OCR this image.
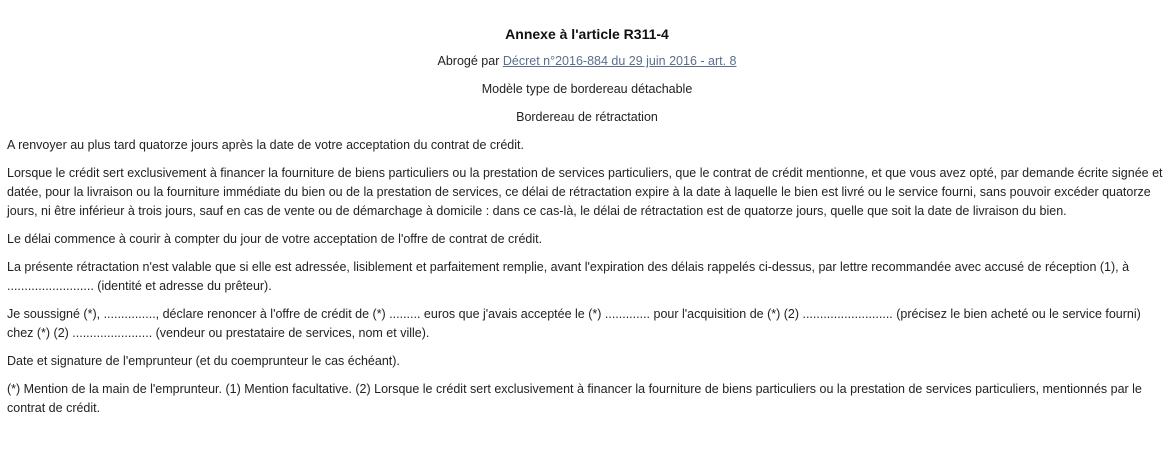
Annexe à l'article R311-4

Abrogé par Décret n°2016-884 du 29 juin 2016 - art. 8

Modèle type de bordereau détachable

Bordereau de rétractation

A renvoyer au plus tard quatorze jours après la date de votre acceptation du contrat de crédit.

Lorsque le crédit sert exclusivement à financer la fourniture de biens particuliers ou la prestation de services particuliers, que le contrat de crédit mentionne, et que vous avez opté, par demande écrite signée et datée, pour la livraison ou la fourniture immédiate du bien ou de la prestation de services, ce délai de rétractation expire à la date à laquelle le bien est livré ou le service fourni, sans pouvoir excéder quatorze jours, ni être inférieur à trois jours, sauf en cas de vente ou de démarchage à domicile : dans ce cas-là, le délai de rétractation est de quatorze jours, quelle que soit la date de livraison du bien.

Le délai commence à courir à compter du jour de votre acceptation de l'offre de contrat de crédit.

La présente rétractation n'est valable que si elle est adressée, lisiblement et parfaitement remplie, avant l'expiration des délais rappelés ci-dessus, par lettre recommandée avec accusé de réception (1), à ......................... (identité et adresse du prêteur).

Je soussigné (*), ..............., déclare renoncer à l'offre de crédit de (*) ......... euros que j'avais acceptée le (*) ............. pour l'acquisition de (*) (2) .......................... (précisez le bien acheté ou le service fourni) chez (*) (2) ....................... (vendeur ou prestataire de services, nom et ville).

Date et signature de l'emprunteur (et du coemprunteur le cas échéant).

(*) Mention de la main de l'emprunteur. (1) Mention facultative. (2) Lorsque le crédit sert exclusivement à financer la fourniture de biens particuliers ou la prestation de services particuliers, mentionnés par le contrat de crédit.
